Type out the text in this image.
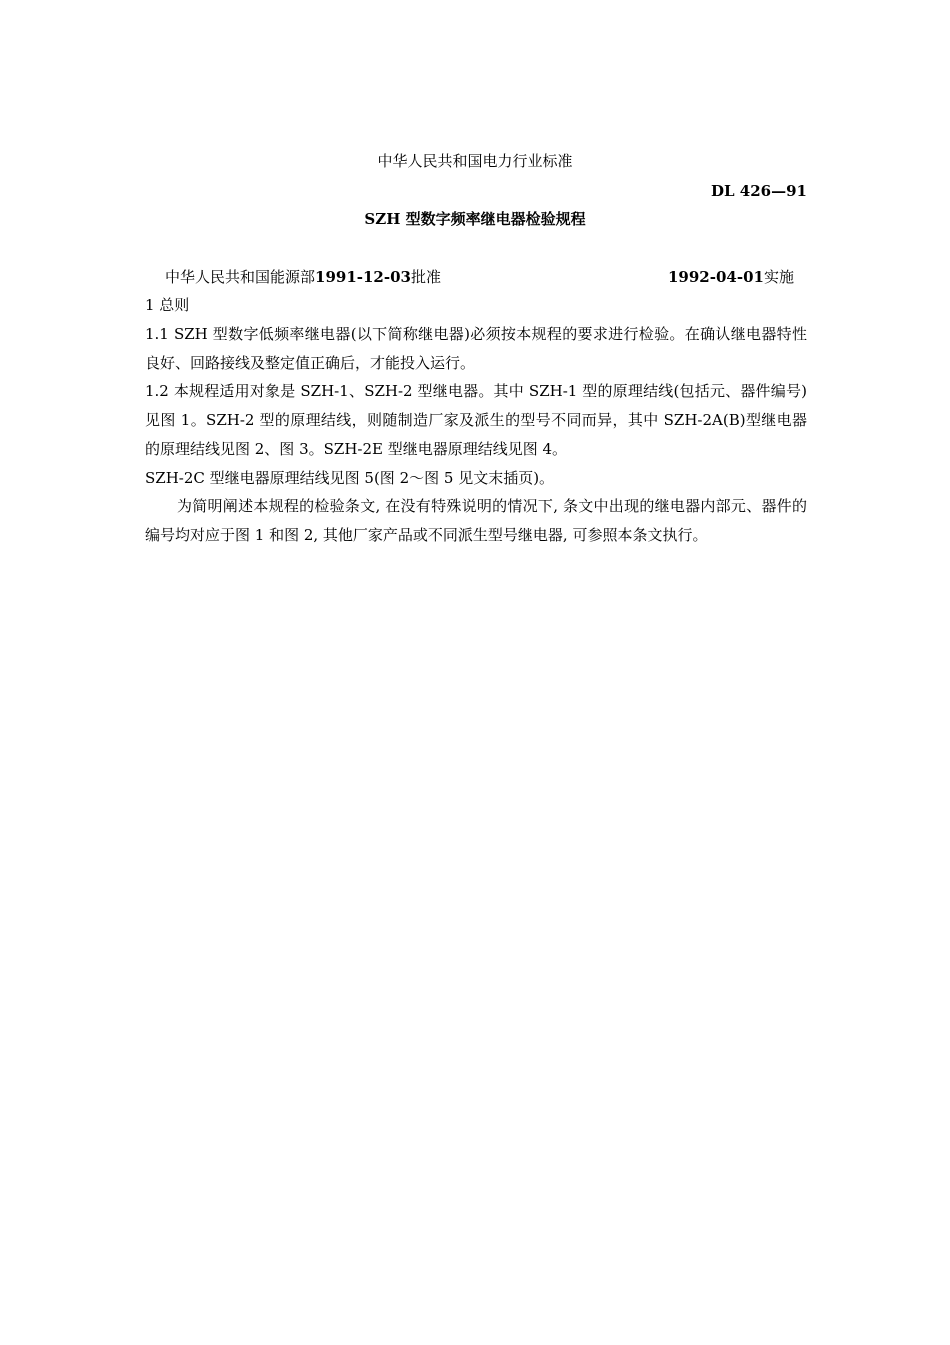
中华人民共和国电力行业标准
DL 426—91
SZH 型数字频率继电器检验规程
中华人民共和国能源部1991-12-03批准	1992-04-01实施
1 总则
1.1 SZH 型数字低频率继电器(以下简称继电器)必须按本规程的要求进行检验。在确认继电器特性良好、回路接线及整定值正确后，才能投入运行。
1.2 本规程适用对象是 SZH-1、SZH-2 型继电器。其中 SZH-1 型的原理结线(包括元、器件编号)见图 1。SZH-2 型的原理结线，则随制造厂家及派生的型号不同而异，其中 SZH-2A(B)型继电器的原理结线见图 2、图 3。SZH-2E 型继电器原理结线见图 4。
SZH-2C 型继电器原理结线见图 5(图 2～图 5 见文末插页)。
为简明阐述本规程的检验条文, 在没有特殊说明的情况下, 条文中出现的继电器内部元、器件的编号均对应于图 1 和图 2, 其他厂家产品或不同派生型号继电器, 可参照本条文执行。
